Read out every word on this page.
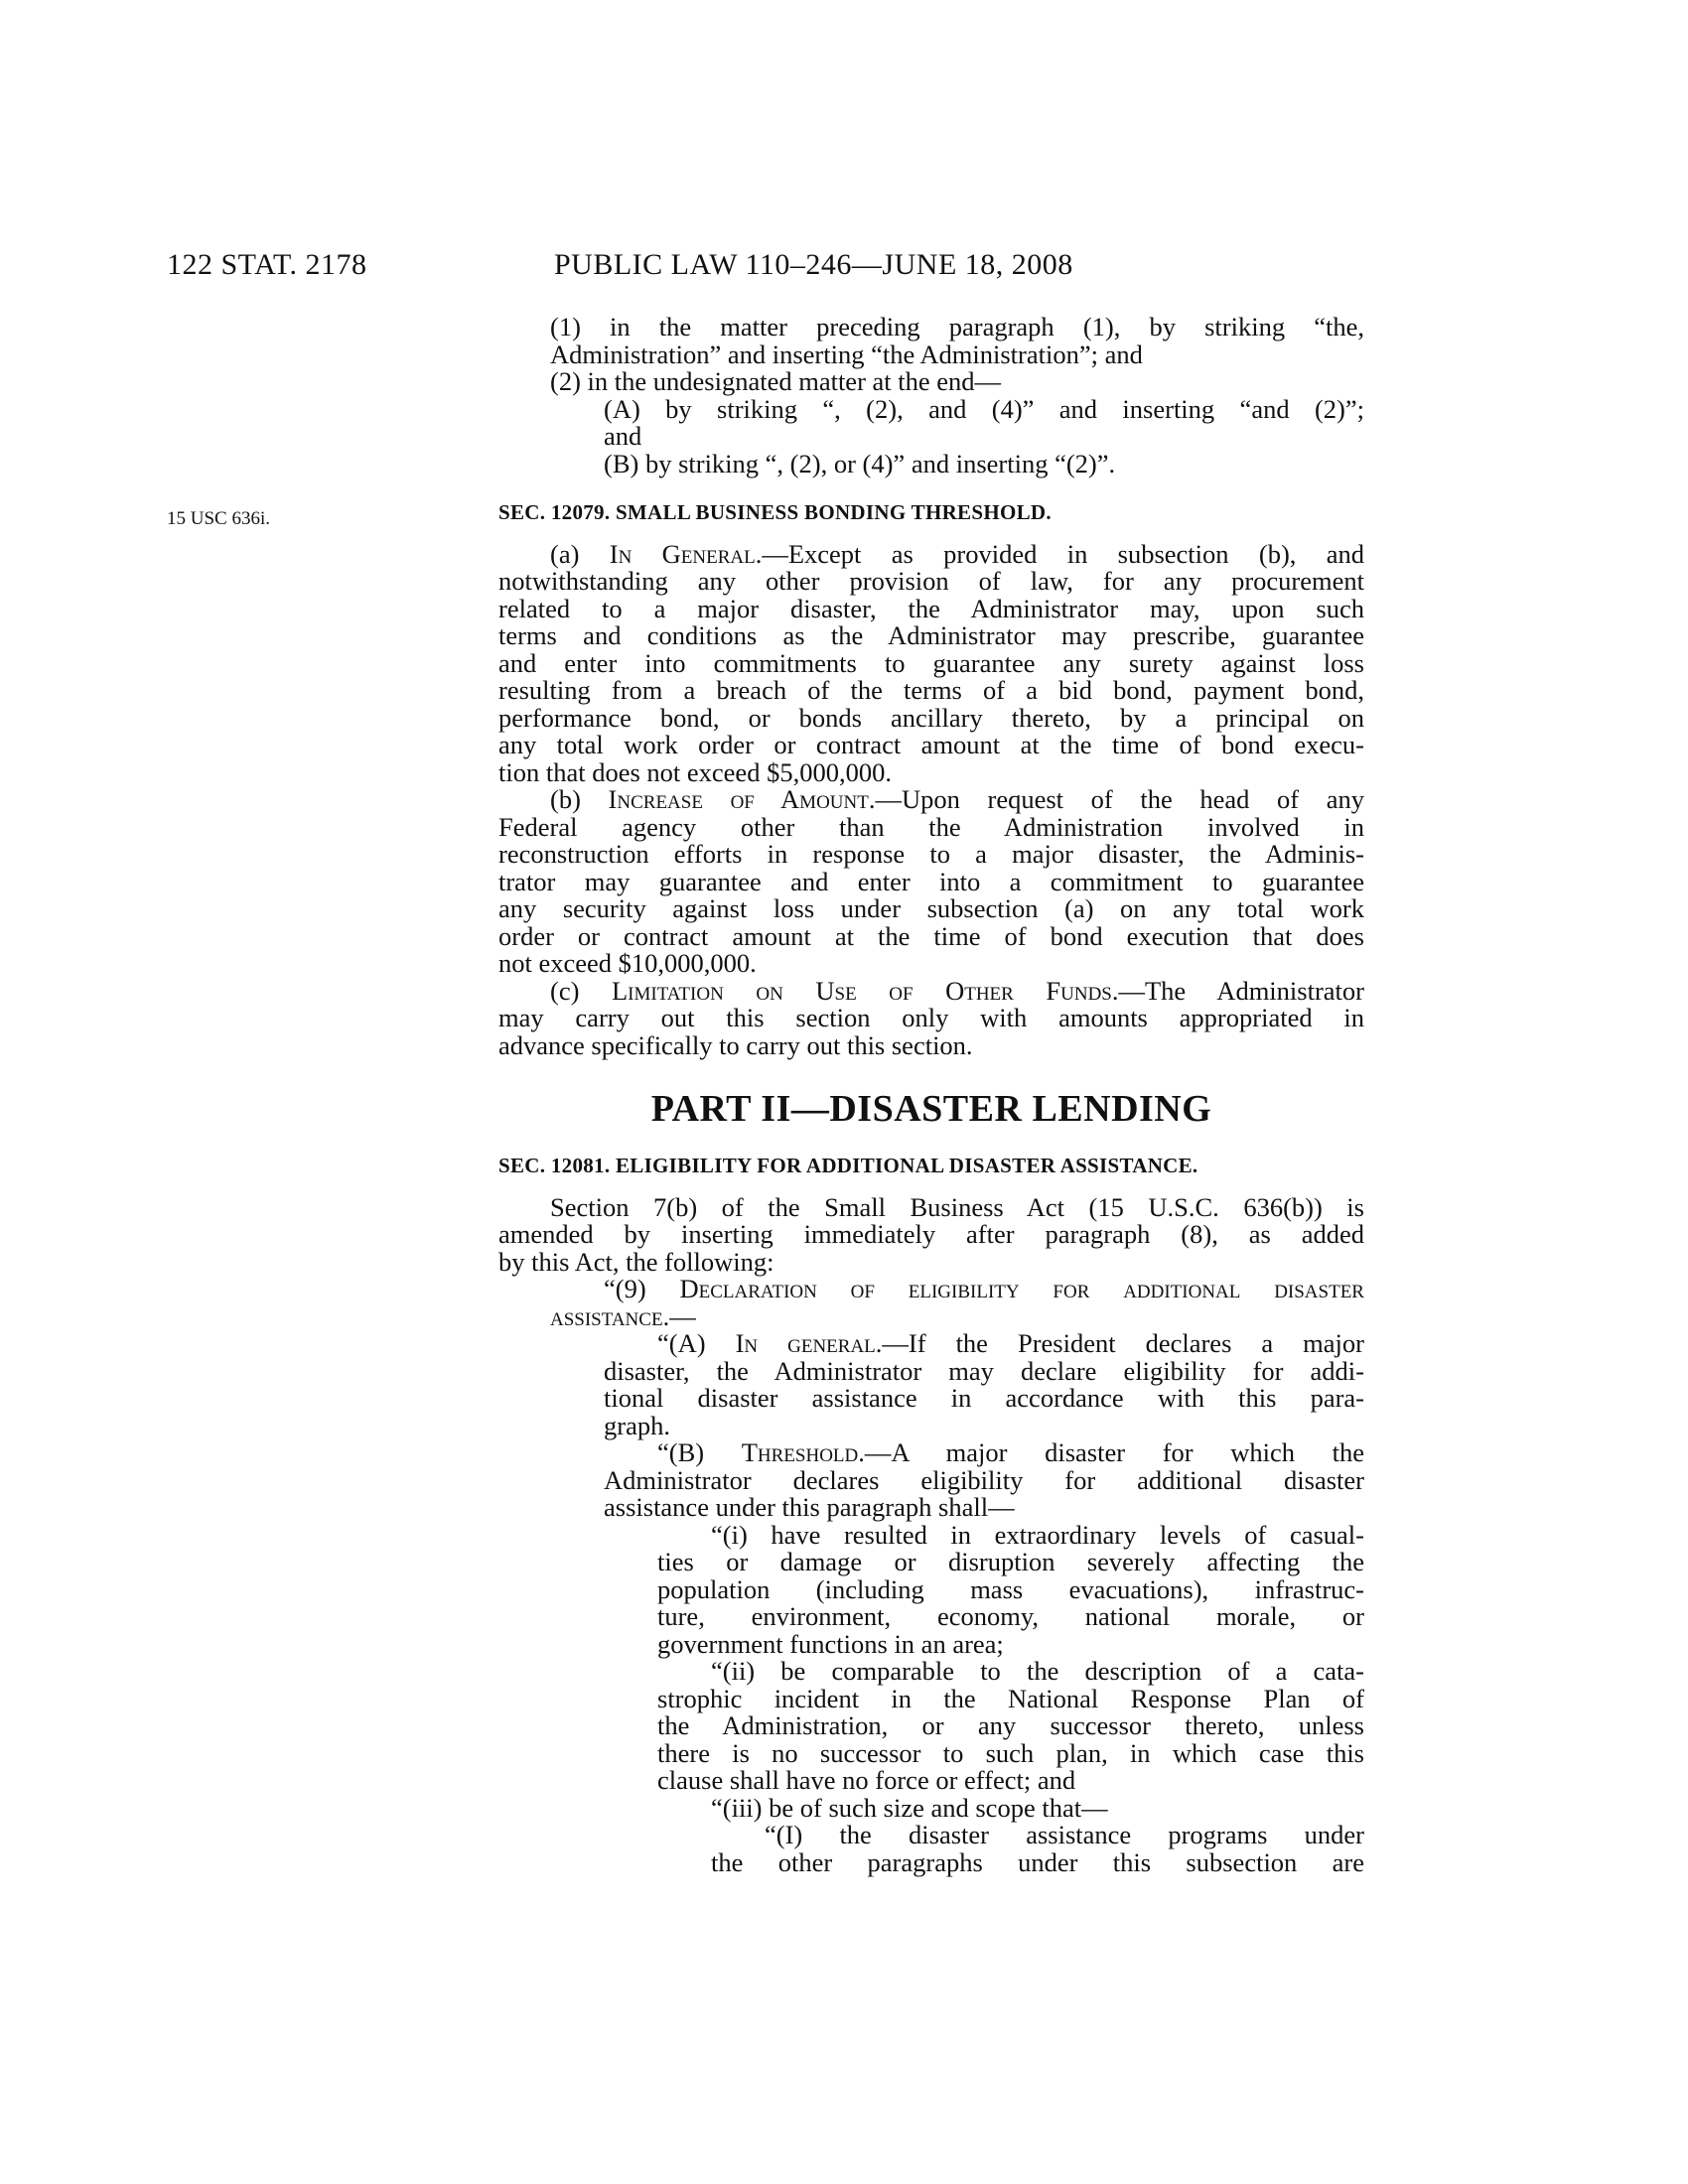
122 STAT. 2178	PUBLIC LAW 110–246—JUNE 18, 2008
15 USC 636i.
(1) in the matter preceding paragraph (1), by striking “the,
Administration” and inserting “the Administration”; and
(2) in the undesignated matter at the end—
(A) by striking “, (2), and (4)” and inserting “and (2)”;
and
(B) by striking “, (2), or (4)” and inserting “(2)”.
SEC. 12079. SMALL BUSINESS BONDING THRESHOLD.
(a) In General.—Except as provided in subsection (b), and
notwithstanding any other provision of law, for any procurement
related to a major disaster, the Administrator may, upon such
terms and conditions as the Administrator may prescribe, guarantee
and enter into commitments to guarantee any surety against loss
resulting from a breach of the terms of a bid bond, payment bond,
performance bond, or bonds ancillary thereto, by a principal on
any total work order or contract amount at the time of bond execu-
tion that does not exceed $5,000,000.
(b) Increase of Amount.—Upon request of the head of any
Federal agency other than the Administration involved in
reconstruction efforts in response to a major disaster, the Adminis-
trator may guarantee and enter into a commitment to guarantee
any security against loss under subsection (a) on any total work
order or contract amount at the time of bond execution that does
not exceed $10,000,000.
(c) Limitation on Use of Other Funds.—The Administrator
may carry out this section only with amounts appropriated in
advance specifically to carry out this section.
PART II—DISASTER LENDING
SEC. 12081. ELIGIBILITY FOR ADDITIONAL DISASTER ASSISTANCE.
Section 7(b) of the Small Business Act (15 U.S.C. 636(b)) is
amended by inserting immediately after paragraph (8), as added
by this Act, the following:
“(9) Declaration of eligibility for additional disaster
assistance.—
“(A) In general.—If the President declares a major
disaster, the Administrator may declare eligibility for addi-
tional disaster assistance in accordance with this para-
graph.
“(B) Threshold.—A major disaster for which the
Administrator declares eligibility for additional disaster
assistance under this paragraph shall—
“(i) have resulted in extraordinary levels of casual-
ties or damage or disruption severely affecting the
population (including mass evacuations), infrastruc-
ture, environment, economy, national morale, or
government functions in an area;
“(ii) be comparable to the description of a cata-
strophic incident in the National Response Plan of
the Administration, or any successor thereto, unless
there is no successor to such plan, in which case this
clause shall have no force or effect; and
“(iii) be of such size and scope that—
“(I) the disaster assistance programs under
the other paragraphs under this subsection are
